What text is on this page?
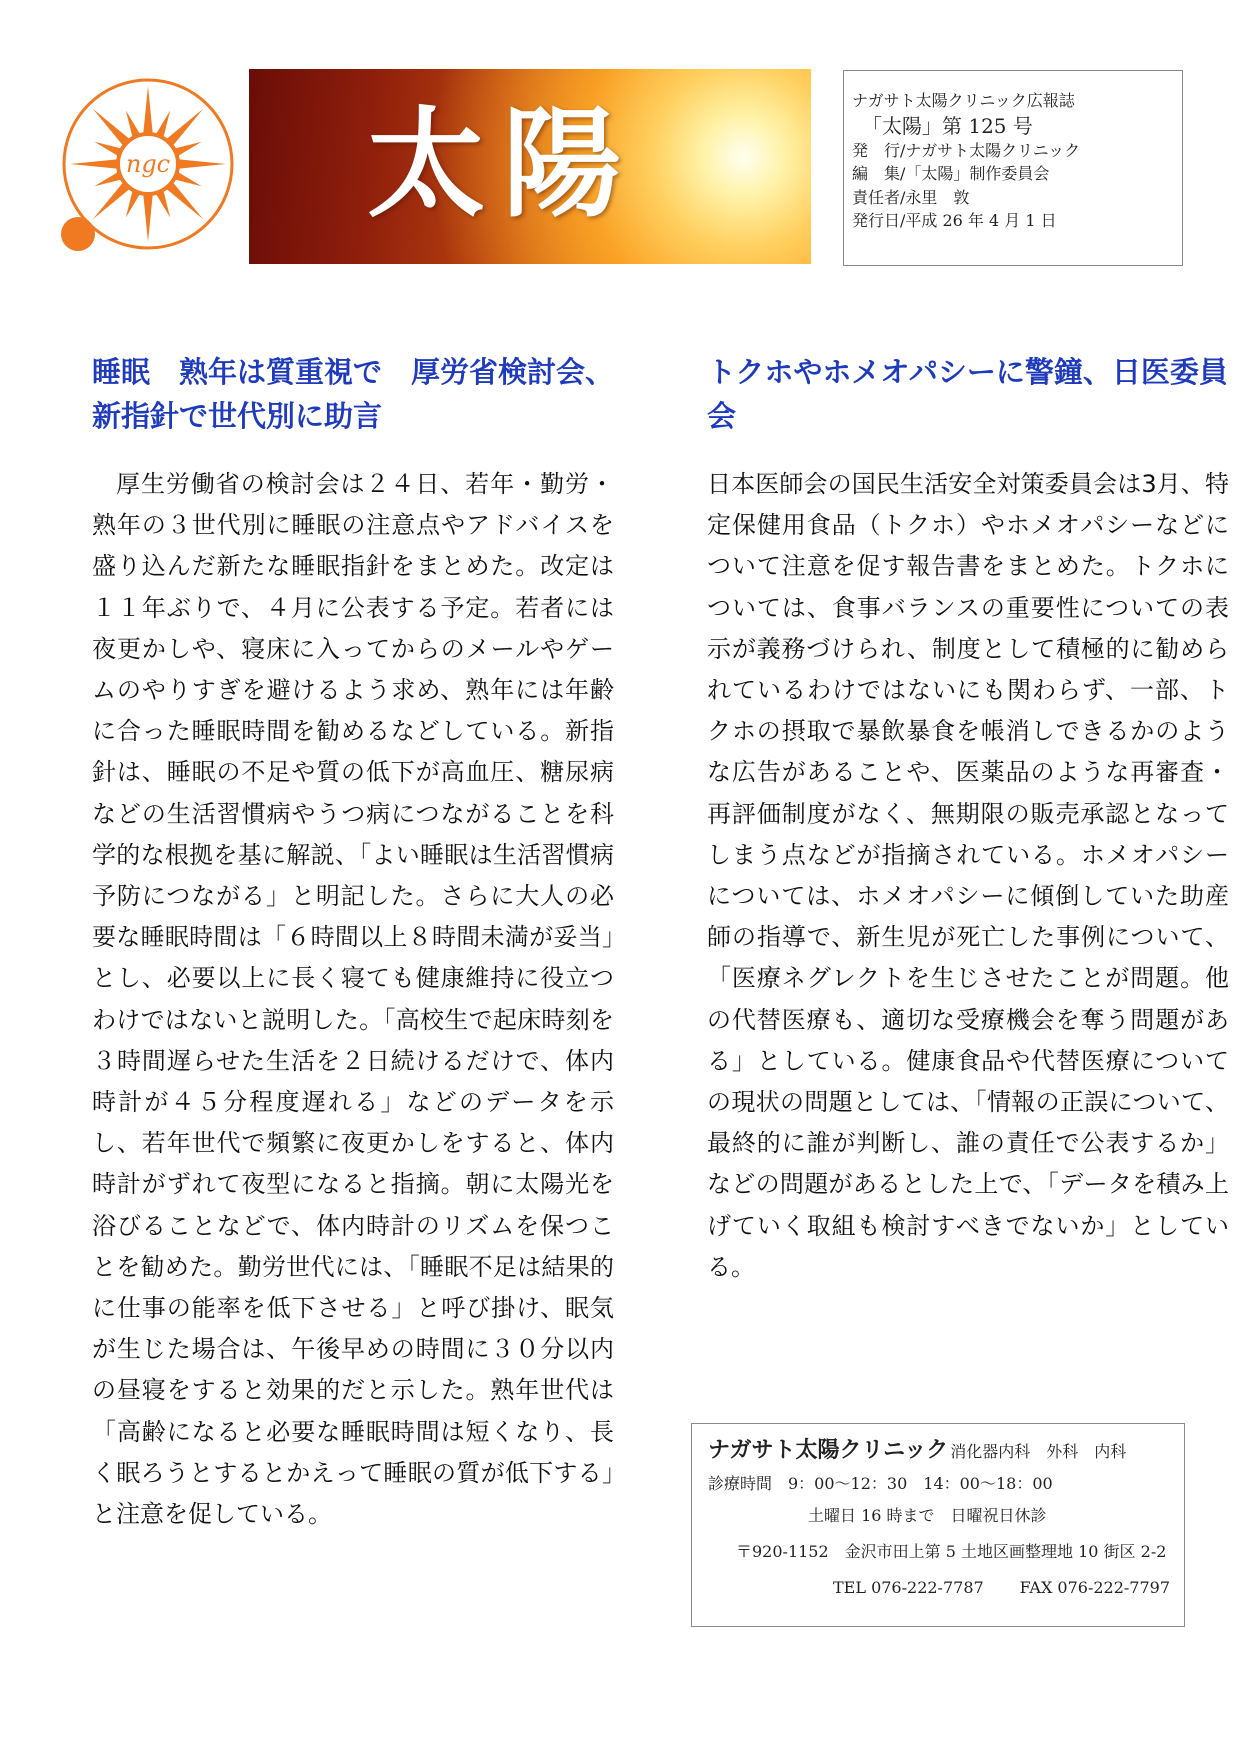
ngc 太陽	ナガサト太陽クリニック広報誌
「太陽」第 125 号
発　行/ナガサト太陽クリニック
編　集/「太陽」制作委員会
責任者/永里　敦
発行日/平成 26 年 4 月 1 日
睡眠　熟年は質重視で　厚労省検討会、新指針で世代別に助言

厚生労働省の検討会は２４日、若年・勤労・熟年の３世代別に睡眠の注意点やアドバイスを盛り込んだ新たな睡眠指針をまとめた。改定は１１年ぶりで、４月に公表する予定。若者には夜更かしや、寝床に入ってからのメールやゲームのやりすぎを避けるよう求め、熟年には年齢に合った睡眠時間を勧めるなどしている。新指針は、睡眠の不足や質の低下が高血圧、糖尿病などの生活習慣病やうつ病につながることを科学的な根拠を基に解説、「よい睡眠は生活習慣病予防につながる」と明記した。さらに大人の必要な睡眠時間は「６時間以上８時間未満が妥当」とし、必要以上に長く寝ても健康維持に役立つわけではないと説明した。「高校生で起床時刻を３時間遅らせた生活を２日続けるだけで、体内時計が４５分程度遅れる」などのデータを示し、若年世代で頻繁に夜更かしをすると、体内時計がずれて夜型になると指摘。朝に太陽光を浴びることなどで、体内時計のリズムを保つことを勧めた。勤労世代には、「睡眠不足は結果的に仕事の能率を低下させる」と呼び掛け、眠気が生じた場合は、午後早めの時間に３０分以内の昼寝をすると効果的だと示した。熟年世代は「高齢になると必要な睡眠時間は短くなり、長く眠ろうとするとかえって睡眠の質が低下する」と注意を促している。

トクホやホメオパシーに警鐘、日医委員会

日本医師会の国民生活安全対策委員会は3月、特定保健用食品（トクホ）やホメオパシーなどについて注意を促す報告書をまとめた。トクホについては、食事バランスの重要性についての表示が義務づけられ、制度として積極的に勧められているわけではないにも関わらず、一部、トクホの摂取で暴飲暴食を帳消しできるかのような広告があることや、医薬品のような再審査・再評価制度がなく、無期限の販売承認となってしまう点などが指摘されている。ホメオパシーについては、ホメオパシーに傾倒していた助産師の指導で、新生児が死亡した事例について、「医療ネグレクトを生じさせたことが問題。他の代替医療も、適切な受療機会を奪う問題がある」としている。健康食品や代替医療についての現状の問題としては、「情報の正誤について、最終的に誰が判断し、誰の責任で公表するか」などの問題があるとした上で、「データを積み上げていく取組も検討すべきでないか」としている。

ナガサト太陽クリニック 消化器内科　外科　内科
診療時間　9：00～12：30　14：00～18：00
土曜日 16 時まで　日曜祝日休診
〒920-1152　金沢市田上第 5 土地区画整理地 10 街区 2-2
TEL 076-222-7787 FAX 076-222-7797
